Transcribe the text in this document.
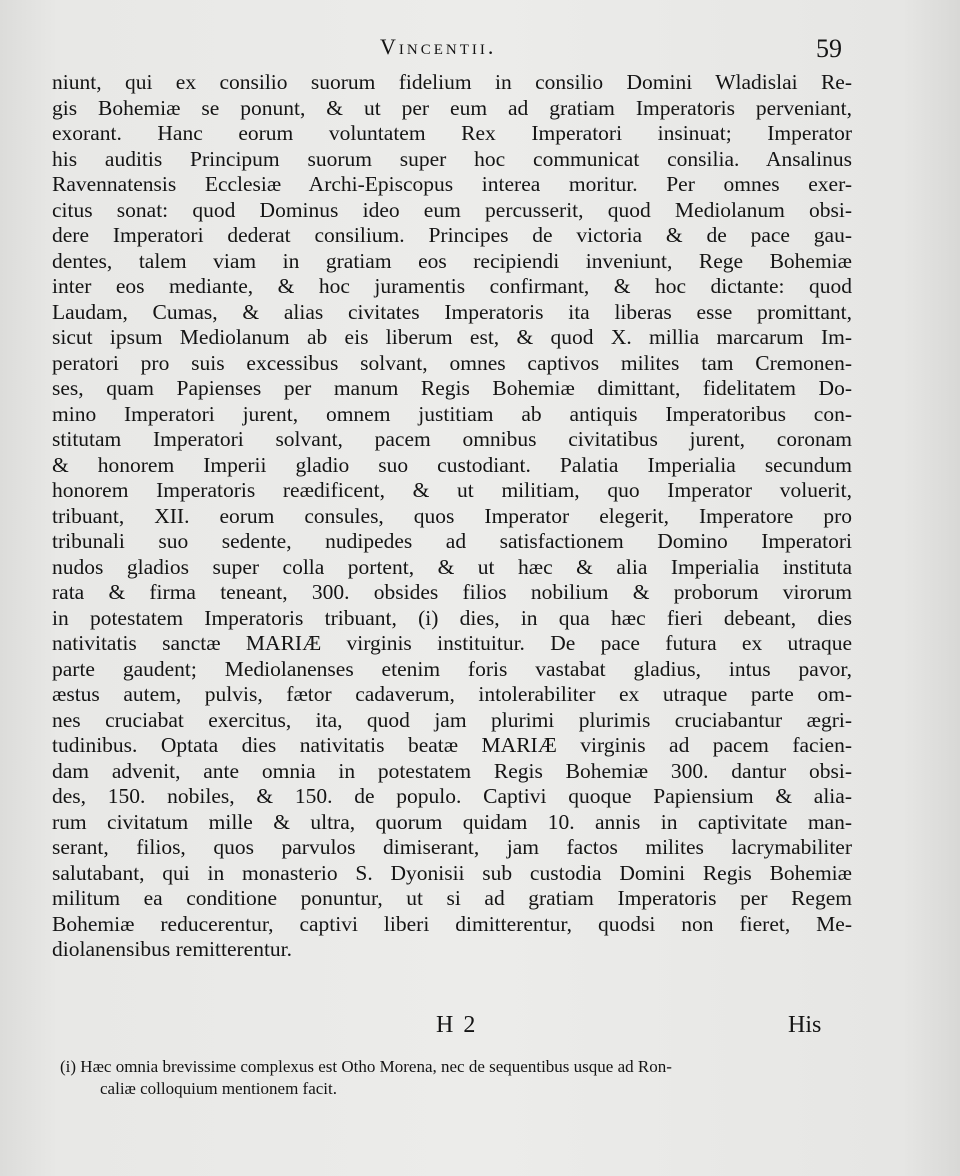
Vincentii.	59
niunt, qui ex consilio suorum fidelium in consilio Domini Wladislai Re-
gis Bohemiæ se ponunt, & ut per eum ad gratiam Imperatoris perveniant,
exorant. Hanc eorum voluntatem Rex Imperatori insinuat; Imperator
his auditis Principum suorum super hoc communicat consilia. Ansalinus
Ravennatensis Ecclesiæ Archi-Episcopus interea moritur. Per omnes exer-
citus sonat: quod Dominus ideo eum percusserit, quod Mediolanum obsi-
dere Imperatori dederat consilium. Principes de victoria & de pace gau-
dentes, talem viam in gratiam eos recipiendi inveniunt, Rege Bohemiæ
inter eos mediante, & hoc juramentis confirmant, & hoc dictante: quod
Laudam, Cumas, & alias civitates Imperatoris ita liberas esse promittant,
sicut ipsum Mediolanum ab eis liberum est, & quod X. millia marcarum Im-
peratori pro suis excessibus solvant, omnes captivos milites tam Cremonen-
ses, quam Papienses per manum Regis Bohemiæ dimittant, fidelitatem Do-
mino Imperatori jurent, omnem justitiam ab antiquis Imperatoribus con-
stitutam Imperatori solvant, pacem omnibus civitatibus jurent, coronam
& honorem Imperii gladio suo custodiant. Palatia Imperialia secundum
honorem Imperatoris reædificent, & ut militiam, quo Imperator voluerit,
tribuant, XII. eorum consules, quos Imperator elegerit, Imperatore pro
tribunali suo sedente, nudipedes ad satisfactionem Domino Imperatori
nudos gladios super colla portent, & ut hæc & alia Imperialia instituta
rata & firma teneant, 300. obsides filios nobilium & proborum virorum
in potestatem Imperatoris tribuant, (i) dies, in qua hæc fieri debeant, dies
nativitatis sanctæ MARIÆ virginis instituitur. De pace futura ex utraque
parte gaudent; Mediolanenses etenim foris vastabat gladius, intus pavor,
æstus autem, pulvis, fætor cadaverum, intolerabiliter ex utraque parte om-
nes cruciabat exercitus, ita, quod jam plurimi plurimis cruciabantur ægri-
tudinibus. Optata dies nativitatis beatæ MARIÆ virginis ad pacem facien-
dam advenit, ante omnia in potestatem Regis Bohemiæ 300. dantur obsi-
des, 150. nobiles, & 150. de populo. Captivi quoque Papiensium & alia-
rum civitatum mille & ultra, quorum quidam 10. annis in captivitate man-
serant, filios, quos parvulos dimiserant, jam factos milites lacrymabiliter
salutabant, qui in monasterio S. Dyonisii sub custodia Domini Regis Bohemiæ
militum ea conditione ponuntur, ut si ad gratiam Imperatoris per Regem
Bohemiæ reducerentur, captivi liberi dimitterentur, quodsi non fieret, Me-
diolanensibus remitterentur.
H 2	His
(i) Hæc omnia brevissime complexus est Otho Morena, nec de sequentibus usque ad Ron-
caliæ colloquium mentionem facit.
